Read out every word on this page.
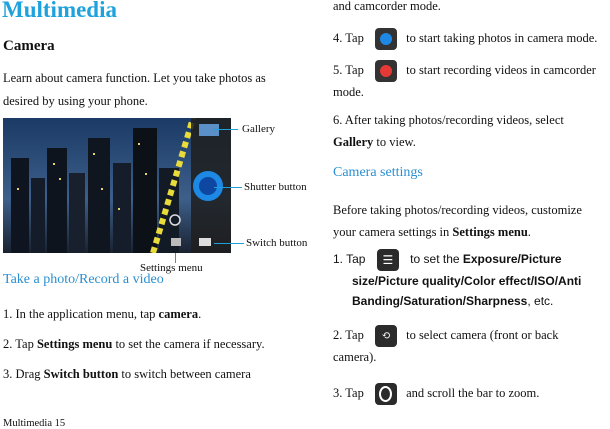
Multimedia
Camera
Learn about camera function. Let you take photos as
desired by using your phone.
Gallery
Shutter button
Switch button
Settings menu
Take a photo/Record a video
1. In the application menu, tap camera.
2. Tap Settings menu to set the camera if necessary.
3. Drag Switch button to switch between camera
Multimedia 15
and camcorder mode.
4. Tap	to start taking photos in camera mode.
5. Tap	to start recording videos in camcorder
mode.
6. After taking photos/recording videos, select
Gallery to view.
Camera settings
Before taking photos/recording videos, customize
your camera settings in Settings menu.
1. Tap ☰ to set the Exposure/Picture
size/Picture quality/Color effect/ISO/Anti
Banding/Saturation/Sharpness, etc.
2. Tap ⟲ to select camera (front or back
camera).
3. Tap	and scroll the bar to zoom.
